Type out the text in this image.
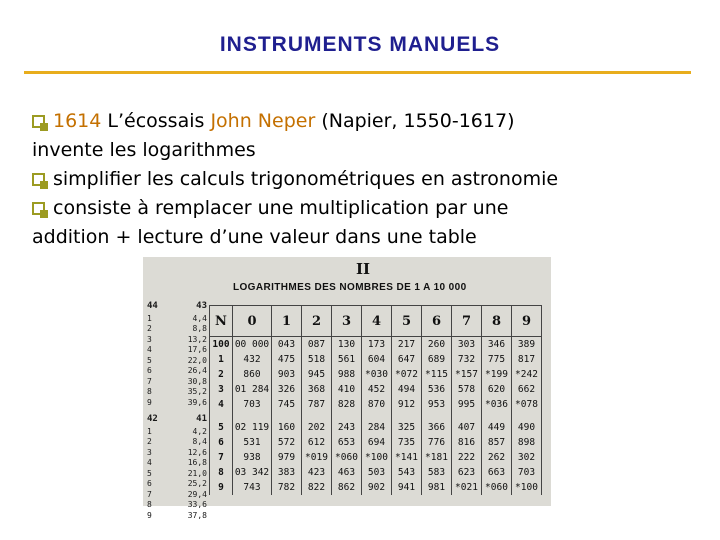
INSTRUMENTS MANUELS
1614 L’écossais John Neper (Napier, 1550-1617)
invente les logarithmes
simplifier les calculs trigonométriques en astronomie
consiste à remplacer une multiplication par une
addition + lecture d’une valeur dans une table
II
LOGARITHMES DES NOMBRES DE 1 A 10 000
44	43
1	4,4
2	8,8
3	13,2
4	17,6
5	22,0
6	26,4
7	30,8
8	35,2
9	39,6
42	41
1	4,2
2	8,4
3	12,6
4	16,8
5	21,0
6	25,2
7	29,4
8	33,6
9	37,8
N	0	1	2	3	4	5	6	7	8	9
100	00 000	043	087	130	173	217	260	303	346	389
1	432	475	518	561	604	647	689	732	775	817
2	860	903	945	988	*030	*072	*115	*157	*199	*242
3	01 284	326	368	410	452	494	536	578	620	662
4	703	745	787	828	870	912	953	995	*036	*078
5	02 119	160	202	243	284	325	366	407	449	490
6	531	572	612	653	694	735	776	816	857	898
7	938	979	*019	*060	*100	*141	*181	222	262	302
8	03 342	383	423	463	503	543	583	623	663	703
9	743	782	822	862	902	941	981	*021	*060	*100
